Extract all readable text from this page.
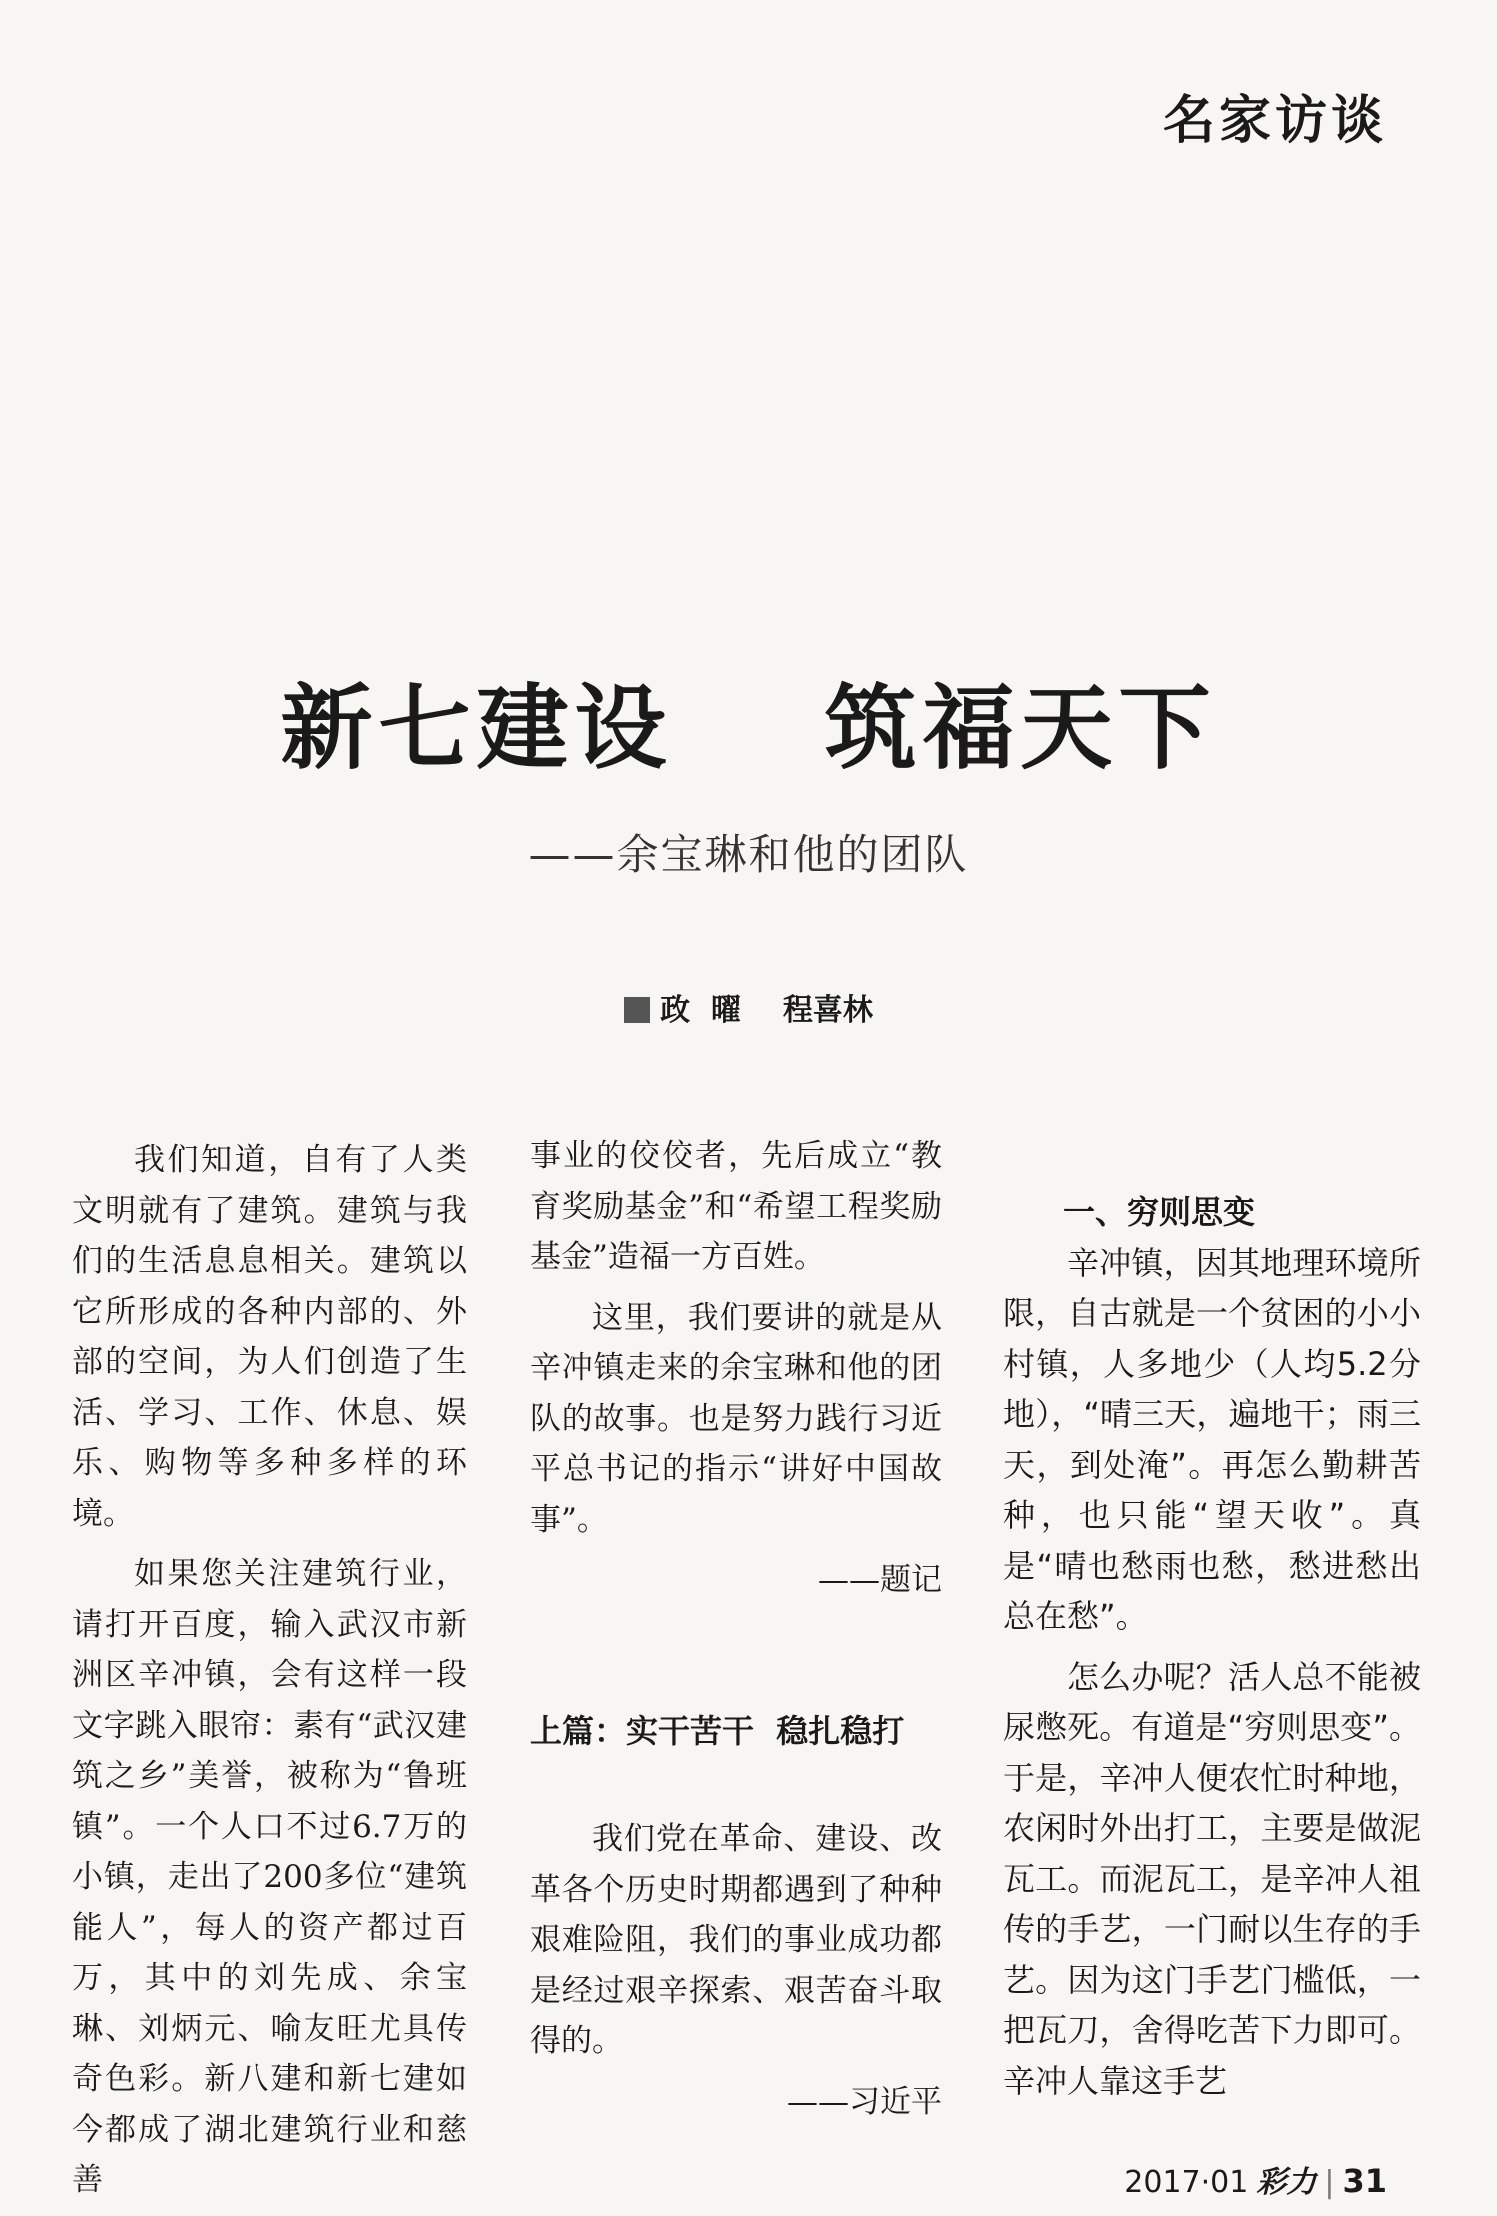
名家访谈
新七建设    筑福天下
——余宝琳和他的团队
政  曜    程喜林

我们知道，自有了人类文明就有了建筑。建筑与我们的生活息息相关。建筑以它所形成的各种内部的、外部的空间，为人们创造了生活、学习、工作、休息、娱乐、购物等多种多样的环境。

如果您关注建筑行业，请打开百度，输入武汉市新洲区辛冲镇，会有这样一段文字跳入眼帘：素有“武汉建筑之乡”美誉，被称为“鲁班镇”。一个人口不过6.7万的小镇，走出了200多位“建筑能人”，每人的资产都过百万，其中的刘先成、余宝琳、刘炳元、喻友旺尤具传奇色彩。新八建和新七建如今都成了湖北建筑行业和慈善

事业的佼佼者，先后成立“教育奖励基金”和“希望工程奖励基金”造福一方百姓。

这里，我们要讲的就是从辛冲镇走来的余宝琳和他的团队的故事。也是努力践行习近平总书记的指示“讲好中国故事”。

——题记
上篇：实干苦干  稳扎稳打

我们党在革命、建设、改革各个历史时期都遇到了种种艰难险阻，我们的事业成功都是经过艰辛探索、艰苦奋斗取得的。

——习近平
一、穷则思变

辛冲镇，因其地理环境所限，自古就是一个贫困的小小村镇，人多地少（人均5.2分地），“晴三天，遍地干；雨三天，到处淹”。再怎么勤耕苦种，也只能“望天收”。真是“晴也愁雨也愁，愁进愁出总在愁”。

怎么办呢？活人总不能被尿憋死。有道是“穷则思变”。于是，辛冲人便农忙时种地，农闲时外出打工，主要是做泥瓦工。而泥瓦工，是辛冲人祖传的手艺，一门耐以生存的手艺。因为这门手艺门槛低，一把瓦刀，舍得吃苦下力即可。辛冲人靠这手艺

2017·01 彩力 | 31
